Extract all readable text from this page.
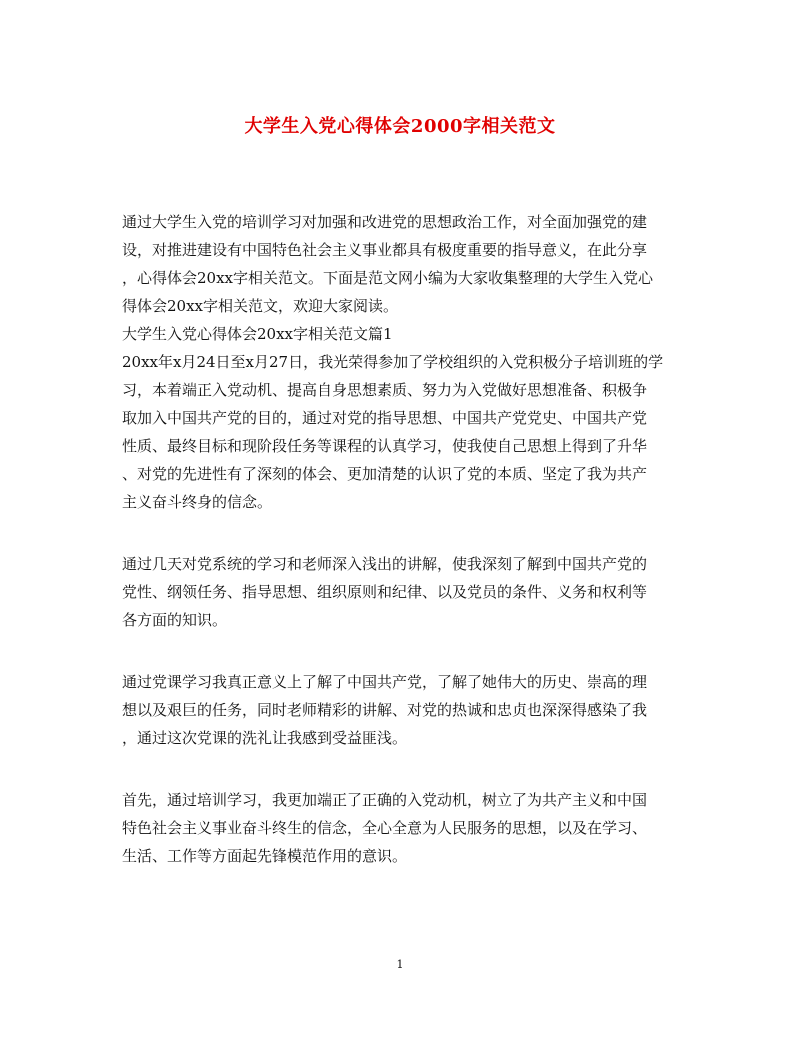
大学生入党心得体会2000字相关范文
通过大学生入党的培训学习对加强和改进党的思想政治工作，对全面加强党的建
设，对推进建设有中国特色社会主义事业都具有极度重要的指导意义，在此分享
，心得体会20xx字相关范文。下面是范文网小编为大家收集整理的大学生入党心
得体会20xx字相关范文，欢迎大家阅读。
大学生入党心得体会20xx字相关范文篇1
20xx年x月24日至x月27日，我光荣得参加了学校组织的入党积极分子培训班的学
习，本着端正入党动机、提高自身思想素质、努力为入党做好思想准备、积极争
取加入中国共产党的目的，通过对党的指导思想、中国共产党党史、中国共产党
性质、最终目标和现阶段任务等课程的认真学习，使我使自己思想上得到了升华
、对党的先进性有了深刻的体会、更加清楚的认识了党的本质、坚定了我为共产
主义奋斗终身的信念。
通过几天对党系统的学习和老师深入浅出的讲解，使我深刻了解到中国共产党的
党性、纲领任务、指导思想、组织原则和纪律、以及党员的条件、义务和权利等
各方面的知识。
通过党课学习我真正意义上了解了中国共产党，了解了她伟大的历史、崇高的理
想以及艰巨的任务，同时老师精彩的讲解、对党的热诚和忠贞也深深得感染了我
，通过这次党课的洗礼让我感到受益匪浅。
首先，通过培训学习，我更加端正了正确的入党动机，树立了为共产主义和中国
特色社会主义事业奋斗终生的信念，全心全意为人民服务的思想，以及在学习、
生活、工作等方面起先锋模范作用的意识。
1
